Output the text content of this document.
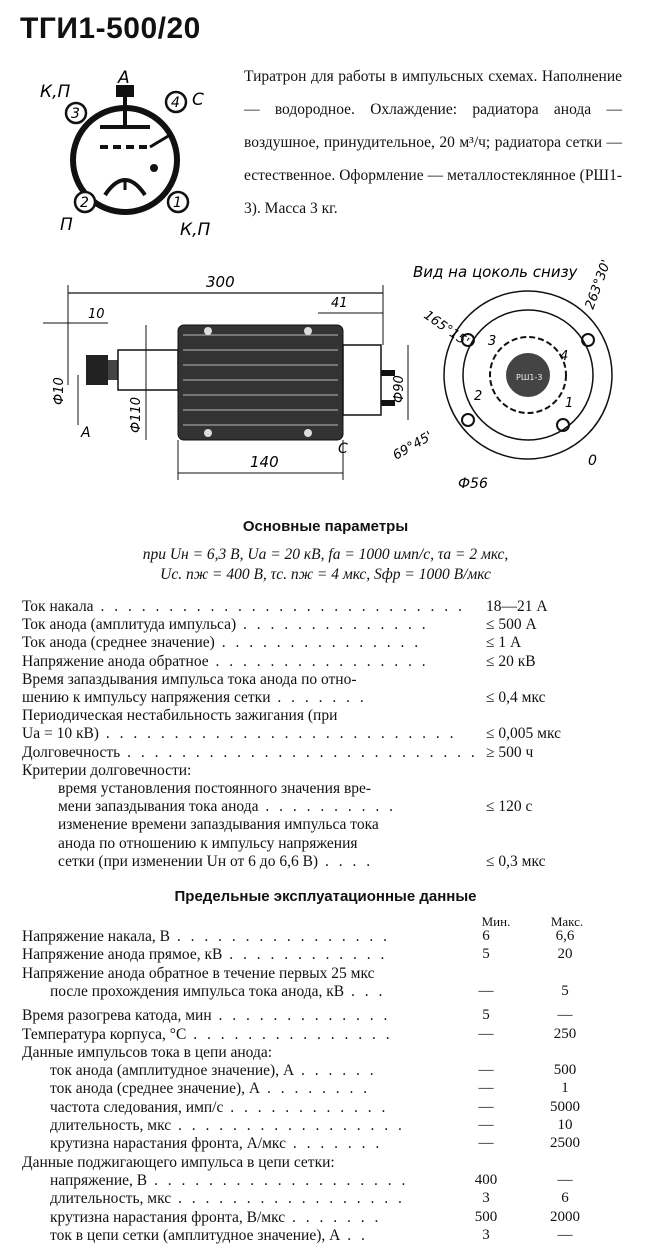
ТГИ1-500/20
А
3
4
2	1
К,П	С
П	К,П
Тиратрон для работы в импульсных схемах. Наполнение — водородное. Охлаждение: радиатора анода — воздушное, принудительное, 20 м³/ч; радиатора сетки — естественное. Оформление — металлостеклянное (РШ1-3). Масса 3 кг.
300
10
41
Ф10
А	Ф110
Ф90
140
С
Вид на цоколь снизу
3
4
2	1
РШ1-3
165°15'
263°30'
69°45'	0
Ф56
Основные параметры
при Uн = 6,3 В, Uа = 20 кВ, fа = 1000 имп/с, τа = 2 мкс,
Uс. пж = 400 В, τс. пж = 4 мкс, Sфр = 1000 В/мкс
Ток накала . . . . . . . . . . . . . . . . . . . . . . . . . . . 18—21 А
Ток анода (амплитуда импульса) . . . . . . . . . . . . . .	≤ 500 А
Ток анода (среднее значение) . . . . . . . . . . . . . . .	≤ 1 А
Напряжение анода обратное . . . . . . . . . . . . . . . .	≤ 20 кВ
Время запаздывания импульса тока анода по отно-
шению к импульсу напряжения сетки . . . . . . .	≤ 0,4 мкс
Периодическая нестабильность зажигания (при
Uа = 10 кВ) . . . . . . . . . . . . . . . . . . . . . . . . . . ≤ 0,005 мкс
Долговечность . . . . . . . . . . . . . . . . . . . . . . . . . . ≥ 500 ч
Критерии долговечности:
время установления постоянного значения вре-
мени запаздывания тока анода . . . . . . . . . .	≤ 120 с
изменение времени запаздывания импульса тока
анода по отношению к импульсу напряжения
сетки (при изменении Uн от 6 до 6,6 В) . . . .	≤ 0,3 мкс
Предельные эксплуатационные данные
Мин.	Макс.
Напряжение накала, В . . . . . . . . . . . . . . . .	6	6,6
Напряжение анода прямое, кВ . . . . . . . . . . . .	5	20
Напряжение анода обратное в течение первых 25 мкс
после прохождения импульса тока анода, кВ . . .	—	5
Время разогрева катода, мин . . . . . . . . . . . . .	5	—
Температура корпуса, °С . . . . . . . . . . . . . . .	—	250
Данные импульсов тока в цепи анода:
ток анода (амплитудное значение), А . . . . . .	—	500
ток анода (среднее значение), А . . . . . . . .	—	1
частота следования, имп/с . . . . . . . . . . . .	—	5000
длительность, мкс . . . . . . . . . . . . . . . . .	—	10
крутизна нарастания фронта, А/мкс . . . . . . .	—	2500
Данные поджигающего импульса в цепи сетки:
напряжение, В . . . . . . . . . . . . . . . . . . .	400	—
длительность, мкс . . . . . . . . . . . . . . . . .	3	6
крутизна нарастания фронта, В/мкс . . . . . . .	500	2000
ток в цепи сетки (амплитудное значение), А . .	3	—
